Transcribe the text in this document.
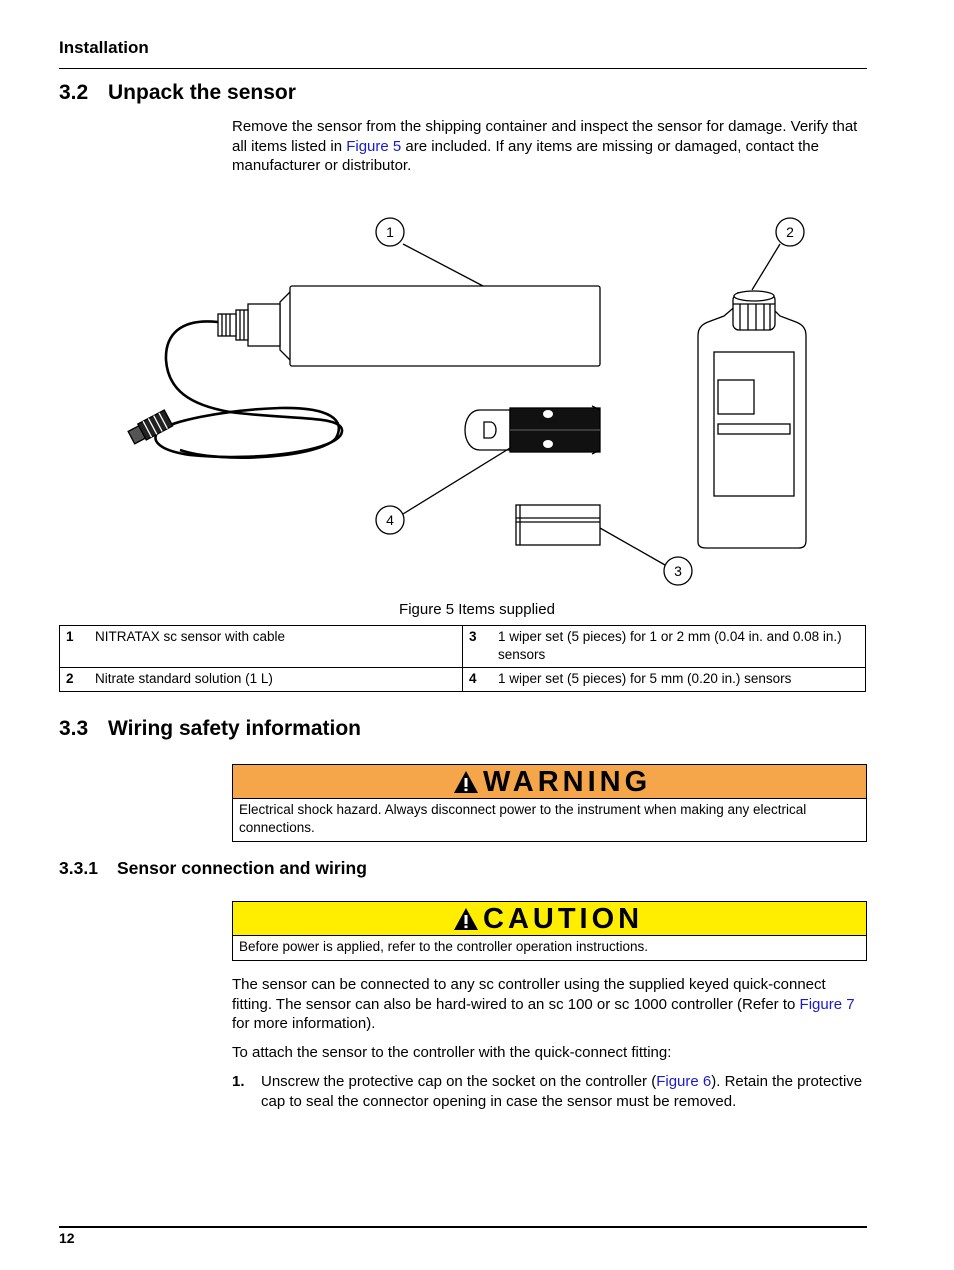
Installation
3.2 Unpack the sensor
Remove the sensor from the shipping container and inspect the sensor for damage. Verify that all items listed in Figure 5 are included. If any items are missing or damaged, contact the manufacturer or distributor.
1	2
3
4
Figure 5 Items supplied
1 NITRATAX sc sensor with cable	3 1 wiper set (5 pieces) for 1 or 2 mm (0.04 in. and 0.08 in.) sensors

2 Nitrate standard solution (1 L)	4 1 wiper set (5 pieces) for 5 mm (0.20 in.) sensors
3.3 Wiring safety information
WARNING
Electrical shock hazard. Always disconnect power to the instrument when making any electrical connections.
3.3.1 Sensor connection and wiring
CAUTION
Before power is applied, refer to the controller operation instructions.
The sensor can be connected to any sc controller using the supplied keyed quick-connect fitting. The sensor can also be hard-wired to an sc 100 or sc 1000 controller (Refer to Figure 7 for more information).
To attach the sensor to the controller with the quick-connect fitting:
1.	Unscrew the protective cap on the socket on the controller (Figure 6). Retain the protective cap to seal the connector opening in case the sensor must be removed.
12
